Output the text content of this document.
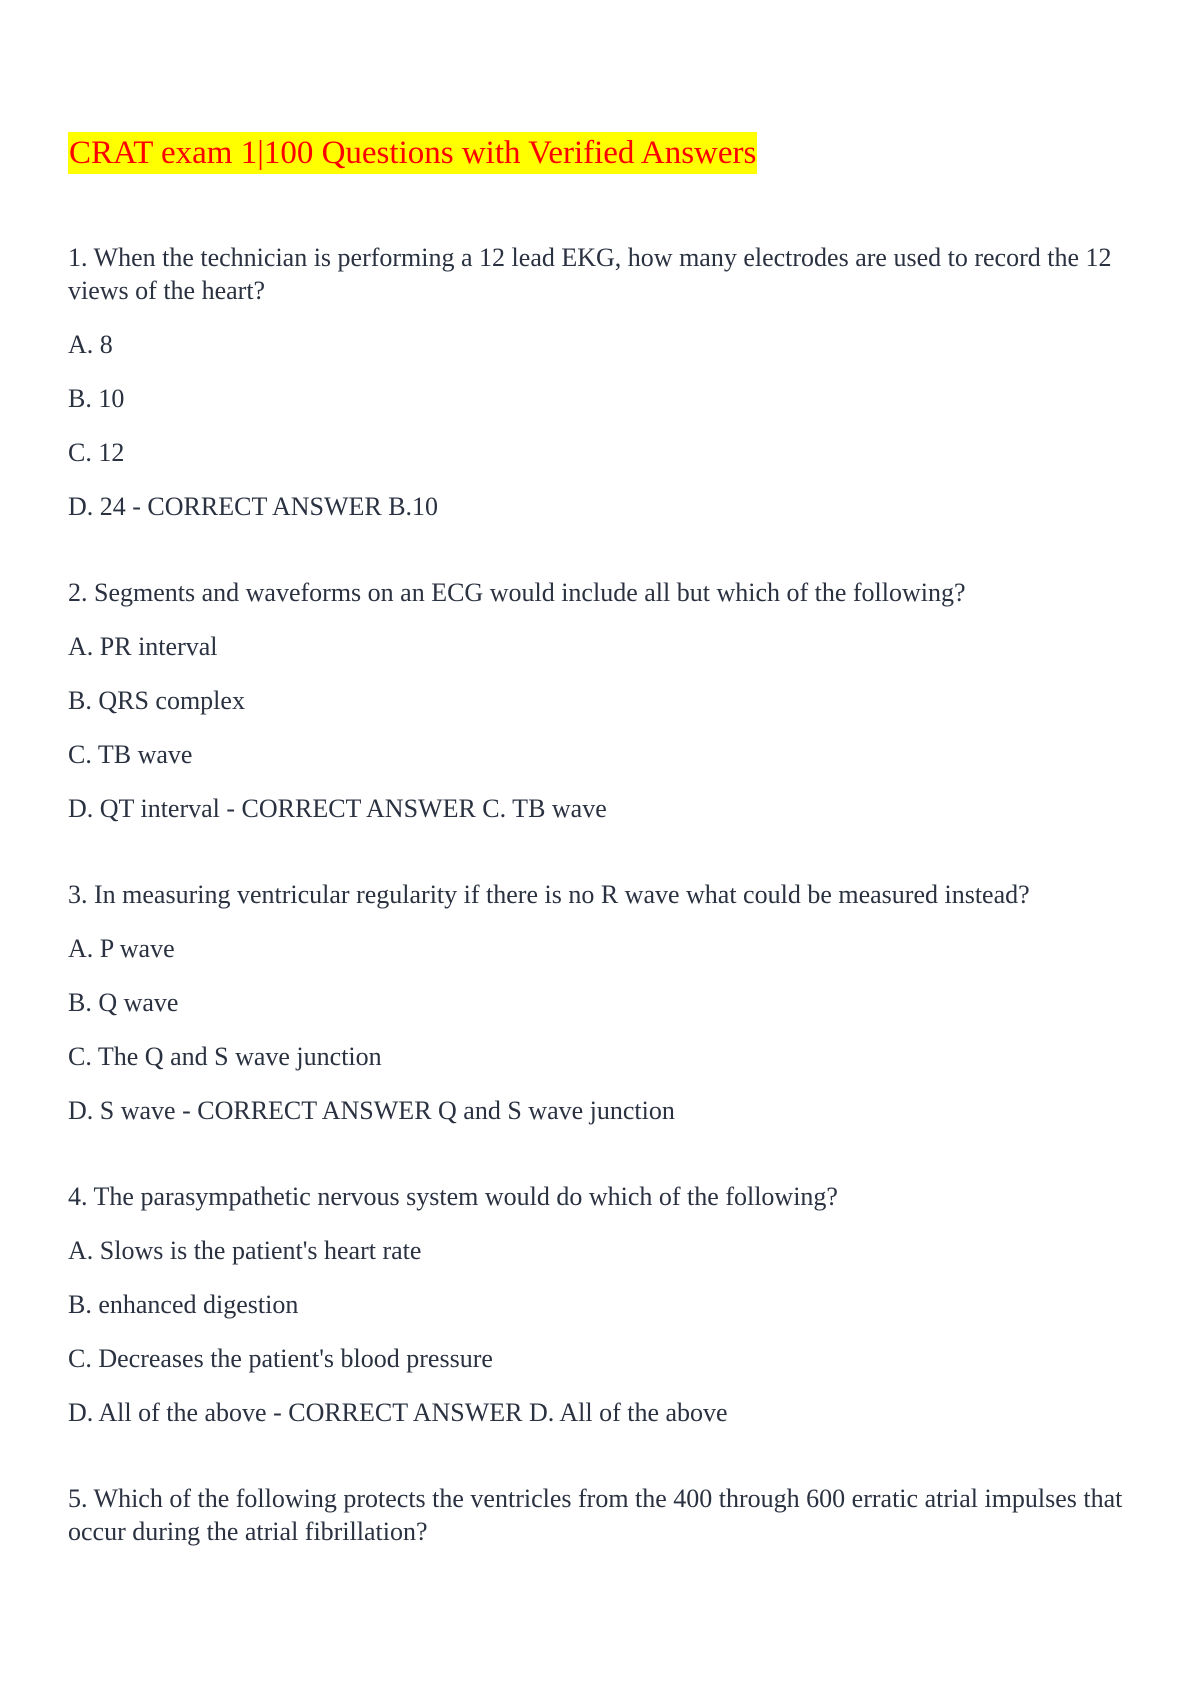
CRAT exam 1|100 Questions with Verified Answers
1. When the technician is performing a 12 lead EKG, how many electrodes are used to record the 12 views of the heart?
A. 8
B. 10
C. 12
D. 24 - CORRECT ANSWER B.10
2. Segments and waveforms on an ECG would include all but which of the following?
A. PR interval
B. QRS complex
C. TB wave
D. QT interval - CORRECT ANSWER C. TB wave
3. In measuring ventricular regularity if there is no R wave what could be measured instead?
A. P wave
B. Q wave
C. The Q and S wave junction
D. S wave - CORRECT ANSWER Q and S wave junction
4. The parasympathetic nervous system would do which of the following?
A. Slows is the patient's heart rate
B. enhanced digestion
C. Decreases the patient's blood pressure
D. All of the above - CORRECT ANSWER D. All of the above
5. Which of the following protects the ventricles from the 400 through 600 erratic atrial impulses that occur during the atrial fibrillation?
